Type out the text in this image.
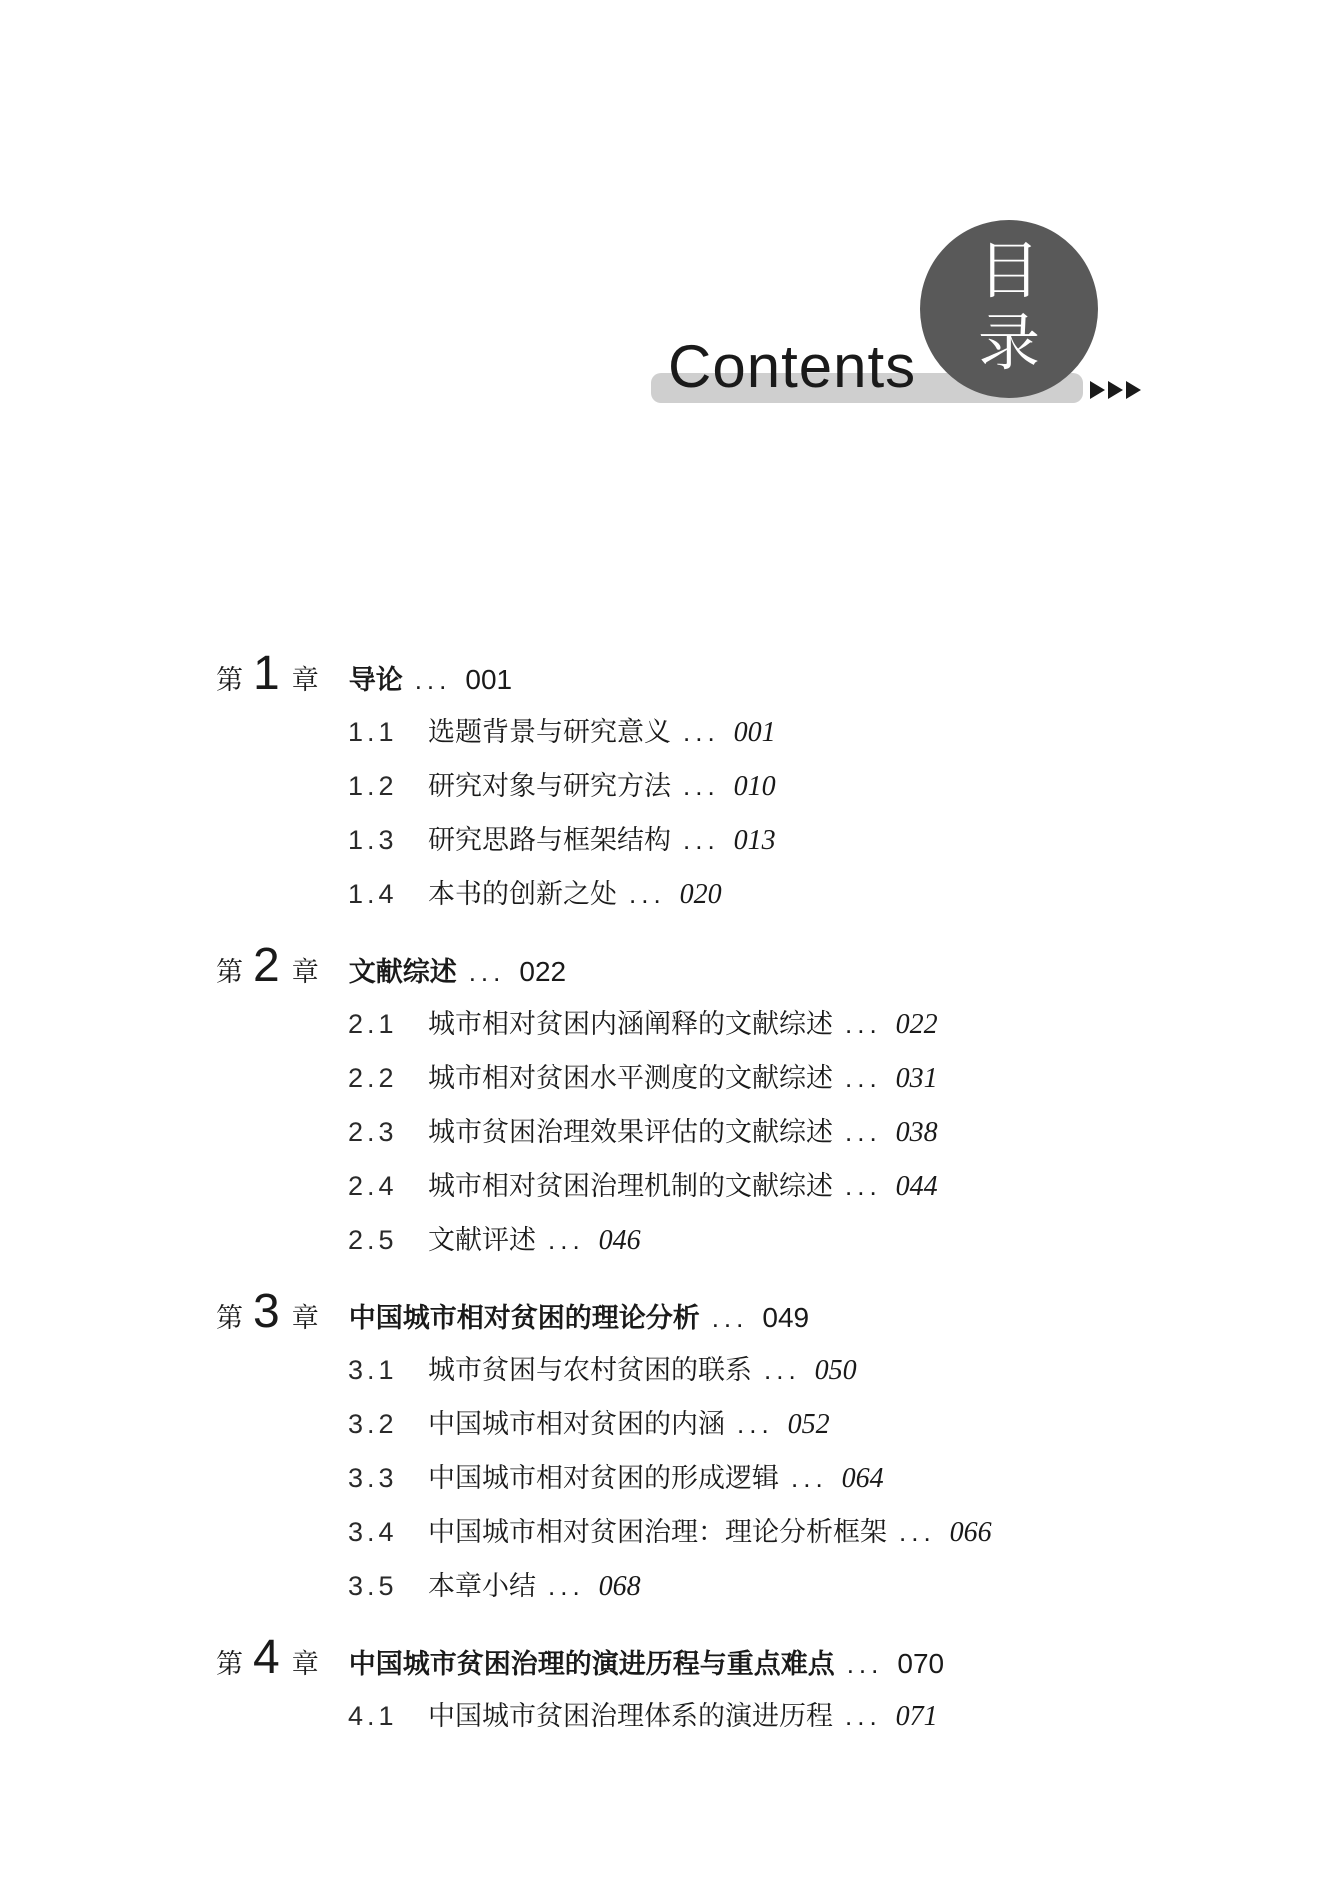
Contents
目
录
第 1 章 导论 ... 001
1.1	选题背景与研究意义 ... 001
1.2	研究对象与研究方法 ... 010
1.3	研究思路与框架结构 ... 013
1.4	本书的创新之处 ... 020
第 2 章 文献综述 ... 022
2.1	城市相对贫困内涵阐释的文献综述 ... 022
2.2	城市相对贫困水平测度的文献综述 ... 031
2.3	城市贫困治理效果评估的文献综述 ... 038
2.4	城市相对贫困治理机制的文献综述 ... 044
2.5	文献评述 ... 046
第 3 章 中国城市相对贫困的理论分析 ... 049
3.1	城市贫困与农村贫困的联系 ... 050
3.2	中国城市相对贫困的内涵 ... 052
3.3	中国城市相对贫困的形成逻辑 ... 064
3.4	中国城市相对贫困治理：理论分析框架 ... 066
3.5	本章小结 ... 068
第 4 章 中国城市贫困治理的演进历程与重点难点 ... 070
4.1	中国城市贫困治理体系的演进历程 ... 071
